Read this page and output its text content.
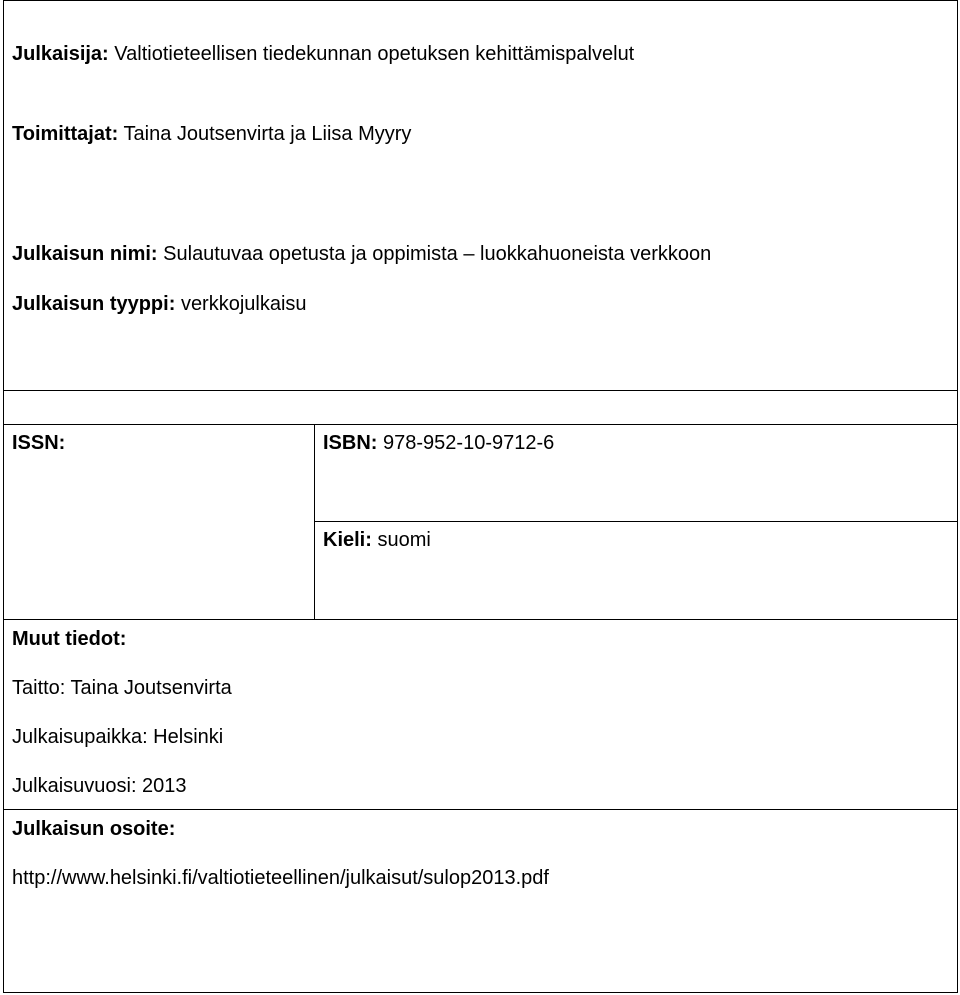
Julkaisija: Valtiotieteellisen tiedekunnan opetuksen kehittämispalvelut
Toimittajat: Taina Joutsenvirta ja Liisa Myyry
Julkaisun nimi: Sulautuvaa opetusta ja oppimista – luokkahuoneista verkkoon
Julkaisun tyyppi: verkkojulkaisu
ISSN:	ISBN: 978-952-10-9712-6
Kieli: suomi
Muut tiedot:
Taitto: Taina Joutsenvirta
Julkaisupaikka: Helsinki
Julkaisuvuosi: 2013
Julkaisun osoite:
http://www.helsinki.fi/valtiotieteellinen/julkaisut/sulop2013.pdf
